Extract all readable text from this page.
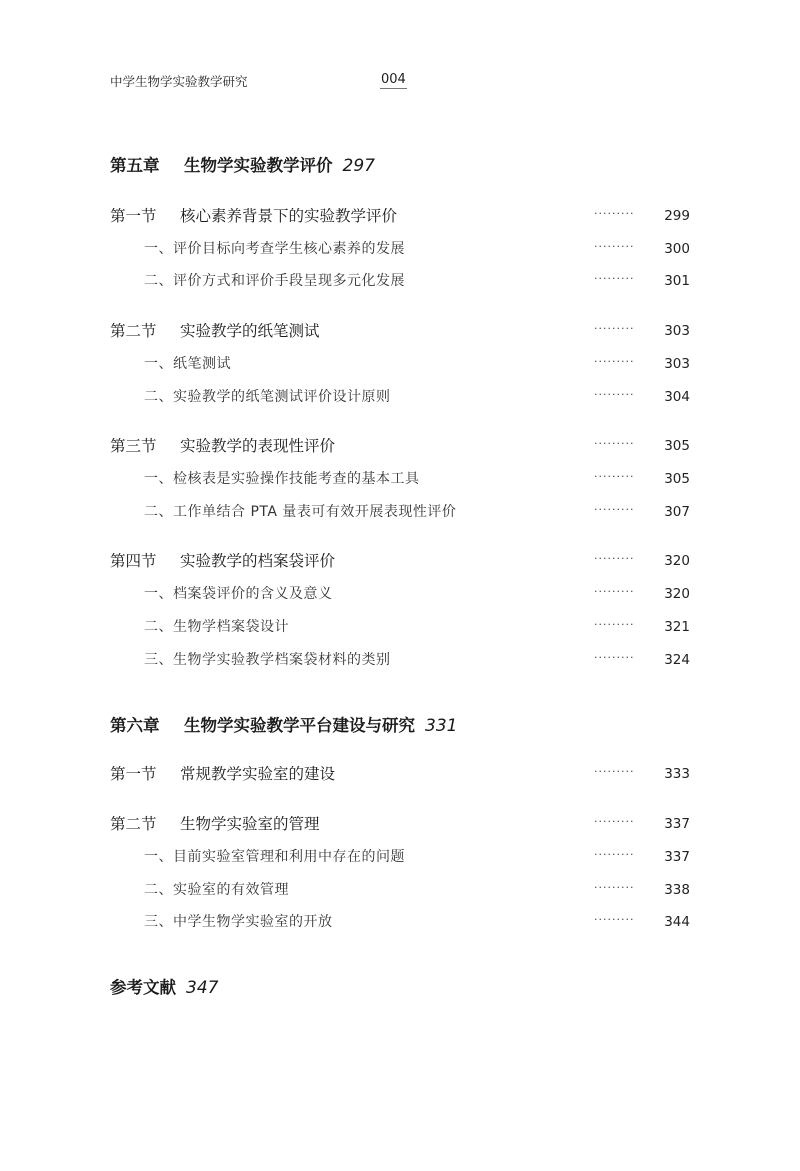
中学生物学实验教学研究	004
第五章 生物学实验教学评价 297
第一节 核心素养背景下的实验教学评价	········· 299
一、评价目标向考查学生核心素养的发展	········· 300
二、评价方式和评价手段呈现多元化发展	········· 301
第二节 实验教学的纸笔测试	········· 303
一、纸笔测试	········· 303
二、实验教学的纸笔测试评价设计原则	········· 304
第三节 实验教学的表现性评价	········· 305
一、检核表是实验操作技能考查的基本工具	········· 305
二、工作单结合 PTA 量表可有效开展表现性评价	········· 307
第四节 实验教学的档案袋评价	········· 320
一、档案袋评价的含义及意义	········· 320
二、生物学档案袋设计	········· 321
三、生物学实验教学档案袋材料的类别	········· 324
第六章 生物学实验教学平台建设与研究 331
第一节 常规教学实验室的建设	········· 333
第二节 生物学实验室的管理	········· 337
一、目前实验室管理和利用中存在的问题	········· 337
二、实验室的有效管理	········· 338
三、中学生物学实验室的开放	········· 344
参考文献 347
